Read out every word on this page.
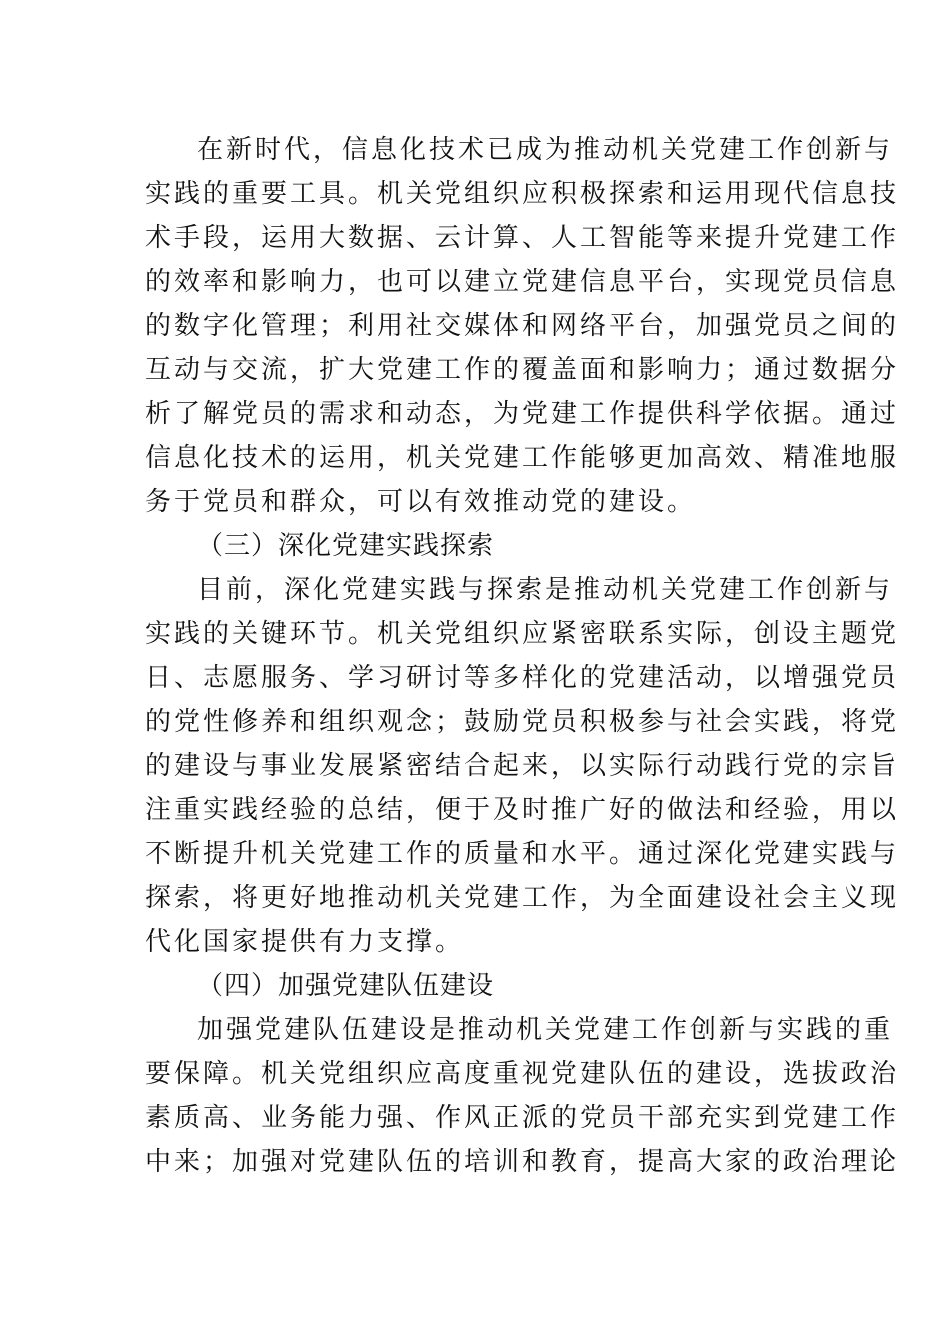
在新时代，信息化技术已成为推动机关党建工作创新与
实践的重要工具。机关党组织应积极探索和运用现代信息技
术手段，运用大数据、云计算、人工智能等来提升党建工作
的效率和影响力，也可以建立党建信息平台，实现党员信息
的数字化管理；利用社交媒体和网络平台，加强党员之间的
互动与交流，扩大党建工作的覆盖面和影响力；通过数据分
析了解党员的需求和动态，为党建工作提供科学依据。通过
信息化技术的运用，机关党建工作能够更加高效、精准地服
务于党员和群众，可以有效推动党的建设。
（三）深化党建实践探索
目前，深化党建实践与探索是推动机关党建工作创新与
实践的关键环节。机关党组织应紧密联系实际，创设主题党
日、志愿服务、学习研讨等多样化的党建活动，以增强党员
的党性修养和组织观念；鼓励党员积极参与社会实践，将党
的建设与事业发展紧密结合起来，以实际行动践行党的宗旨
注重实践经验的总结，便于及时推广好的做法和经验，用以
不断提升机关党建工作的质量和水平。通过深化党建实践与
探索，将更好地推动机关党建工作，为全面建设社会主义现
代化国家提供有力支撑。
（四）加强党建队伍建设
加强党建队伍建设是推动机关党建工作创新与实践的重
要保障。机关党组织应高度重视党建队伍的建设，选拔政治
素质高、业务能力强、作风正派的党员干部充实到党建工作
中来；加强对党建队伍的培训和教育，提高大家的政治理论
